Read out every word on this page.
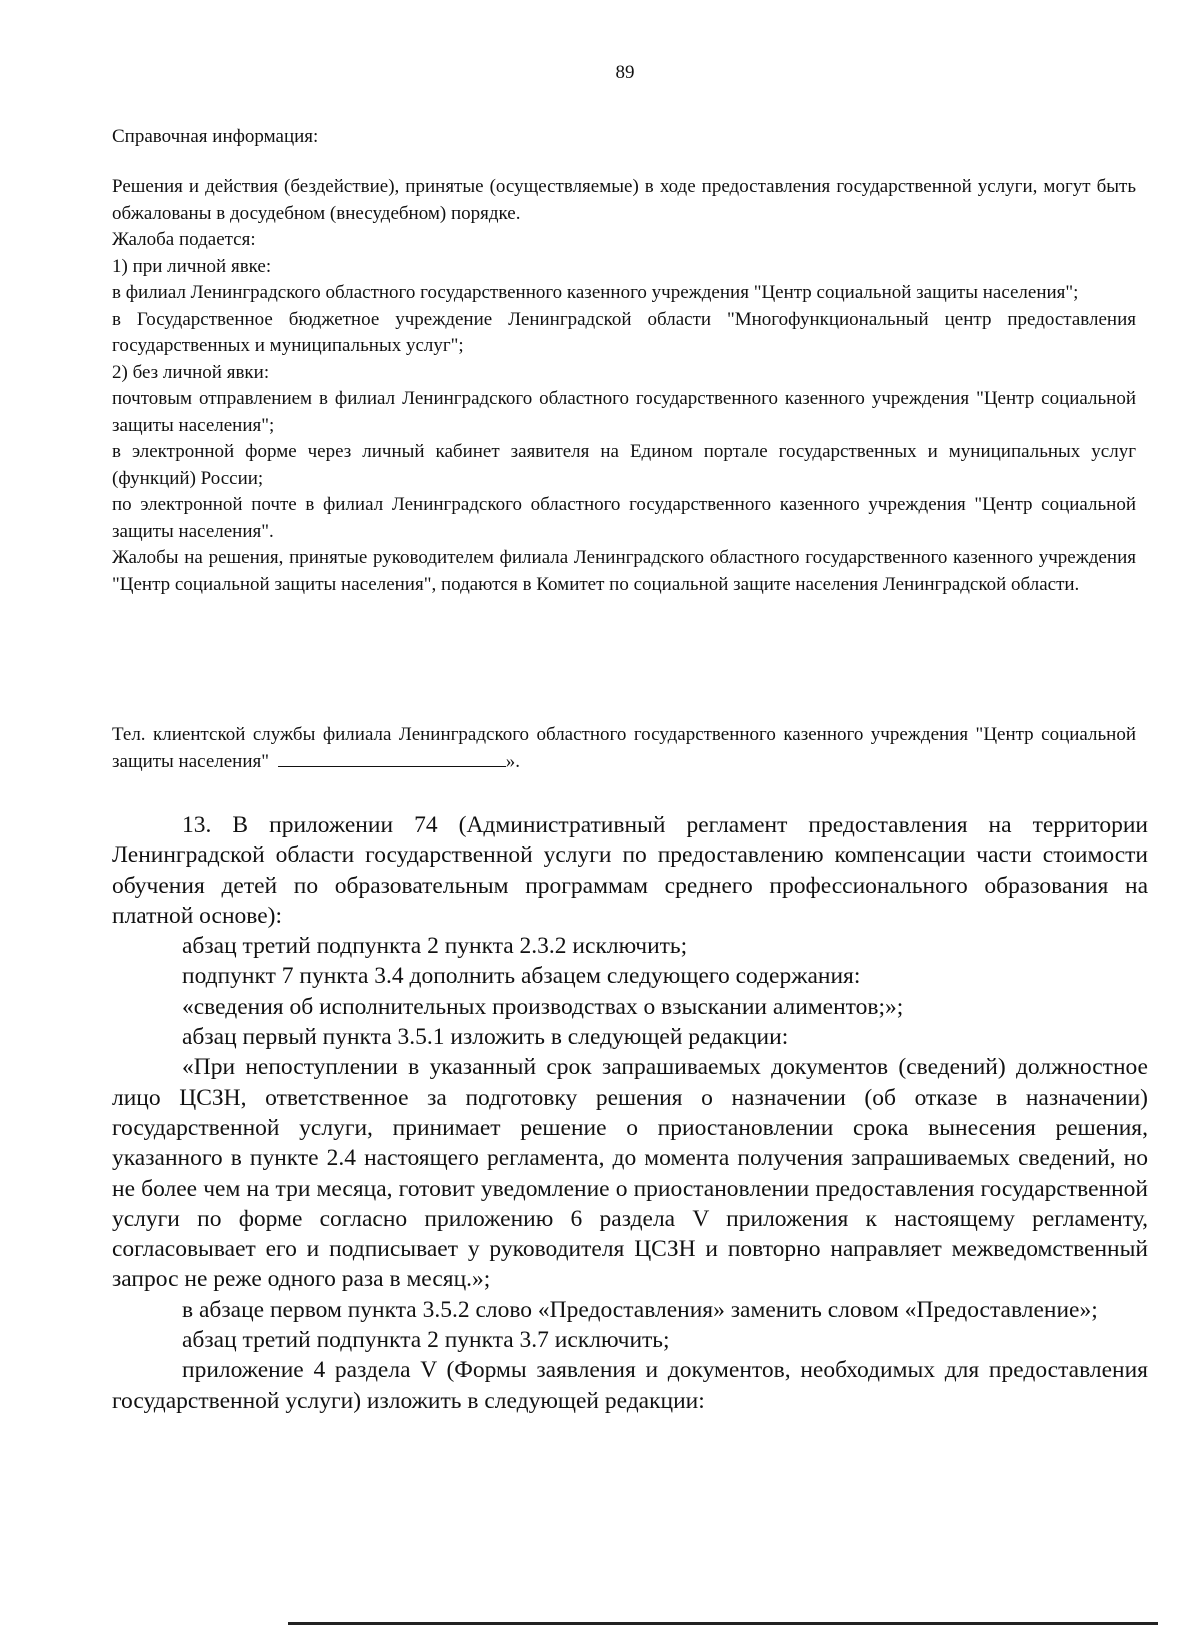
89

Справочная информация:

Решения и действия (бездействие), принятые (осуществляемые) в ходе предоставления государственной услуги, могут быть обжалованы в досудебном (внесудебном) порядке.

Жалоба подается:

1) при личной явке:

в филиал Ленинградского областного государственного казенного учреждения "Центр социальной защиты населения";

в Государственное бюджетное учреждение Ленинградской области "Многофункциональный центр предоставления государственных и муниципальных услуг";

2) без личной явки:

почтовым отправлением в филиал Ленинградского областного государственного казенного учреждения "Центр социальной защиты населения";

в электронной форме через личный кабинет заявителя на Едином портале государственных и муниципальных услуг (функций) России;

по электронной почте в филиал Ленинградского областного государственного казенного учреждения "Центр социальной защиты населения".

Жалобы на решения, принятые руководителем филиала Ленинградского областного государственного казенного учреждения "Центр социальной защиты населения", подаются в Комитет по социальной защите населения Ленинградской области.

Тел. клиентской службы филиала Ленинградского областного государственного казенного учреждения "Центр социальной защиты населения"	».

13. В приложении 74 (Административный регламент предоставления на территории Ленинградской области государственной услуги по предоставлению компенсации части стоимости обучения детей по образовательным программам среднего профессионального образования на платной основе):

абзац третий подпункта 2 пункта 2.3.2 исключить;

подпункт 7 пункта 3.4 дополнить абзацем следующего содержания:

«сведения об исполнительных производствах о взыскании алиментов;»;

абзац первый пункта 3.5.1 изложить в следующей редакции:

«При непоступлении в указанный срок запрашиваемых документов (сведений) должностное лицо ЦСЗН, ответственное за подготовку решения о назначении (об отказе в назначении) государственной услуги, принимает решение о приостановлении срока вынесения решения, указанного в пункте 2.4 настоящего регламента, до момента получения запрашиваемых сведений, но не более чем на три месяца, готовит уведомление о приостановлении предоставления государственной услуги по форме согласно приложению 6 раздела V приложения к настоящему регламенту, согласовывает его и подписывает у руководителя ЦСЗН и повторно направляет межведомственный запрос не реже одного раза в месяц.»;

в абзаце первом пункта 3.5.2 слово «Предоставления» заменить словом «Предоставление»;

абзац третий подпункта 2 пункта 3.7 исключить;

приложение 4 раздела V (Формы заявления и документов, необходимых для предоставления государственной услуги) изложить в следующей редакции:
